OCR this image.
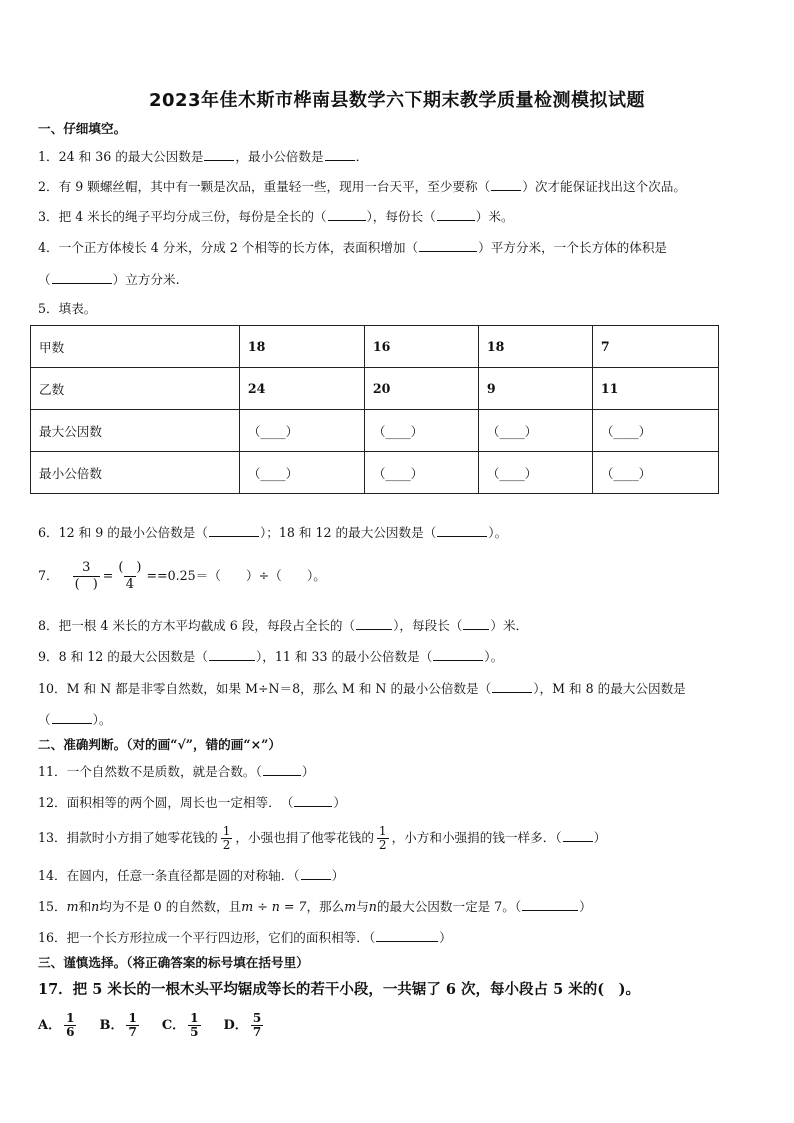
2023年佳木斯市桦南县数学六下期末教学质量检测模拟试题
一、仔细填空。
1．24 和 36 的最大公因数是	，最小公倍数是	．
2．有 9 颗螺丝帽，其中有一颗是次品，重量轻一些，现用一台天平，至少要称（	）次才能保证找出这个次品。
3．把 4 米长的绳子平均分成三份，每份是全长的（	），每份长（	）米。
4．一个正方体棱长 4 分米，分成 2 个相等的长方体，表面积增加（	）平方分米，一个长方体的体积是
（	）立方分米.
5．填表。
甲数	18	16	18	7
乙数	24	20	9	11
最大公因数	（____）	（____）	（____）	（____）
最小公倍数	（____）	（____）	（____）	（____）
6．12 和 9 的最小公倍数是（	）；18 和 12 的最大公因数是（	）。
7． $\frac{3}{( )} = \frac{( )}{4} ==0.25=$（　　）÷（　　）。
8．把一根 4 米长的方木平均截成 6 段，每段占全长的（	），每段长（ ）米．
9．8 和 12 的最大公因数是（	），11 和 33 的最小公倍数是（	）。
10．M 和 N 都是非零自然数，如果 M÷N＝8，那么 M 和 N 的最小公倍数是（	），M 和 8 的最大公因数是
（	）。
二、准确判断。（对的画“√”，错的画“×”）
11．一个自然数不是质数，就是合数。（	）
12．面积相等的两个圆，周长也一定相等．　（	）
13．捐款时小方捐了她零花钱的 $\frac{1}{2}$ ，小强也捐了他零花钱的 $\frac{1}{2}$ ，小方和小强捐的钱一样多．（	）
14．在圆内，任意一条直径都是圆的对称轴．（	）
15．m和n均为不是 0 的自然数，且m ÷ n = 7，那么m与n的最大公因数一定是 7。（	）
16．把一个长方形拉成一个平行四边形，它们的面积相等．（	）
三、谨慎选择。（将正确答案的标号填在括号里）
17．把 5 米长的一根木头平均锯成等长的若干小段，一共锯了 6 次，每小段占 5 米的(　)。
A． $\frac{1}{6}$ B． $\frac{1}{7}$ C． $\frac{1}{5}$ D． $\frac{5}{7}$
